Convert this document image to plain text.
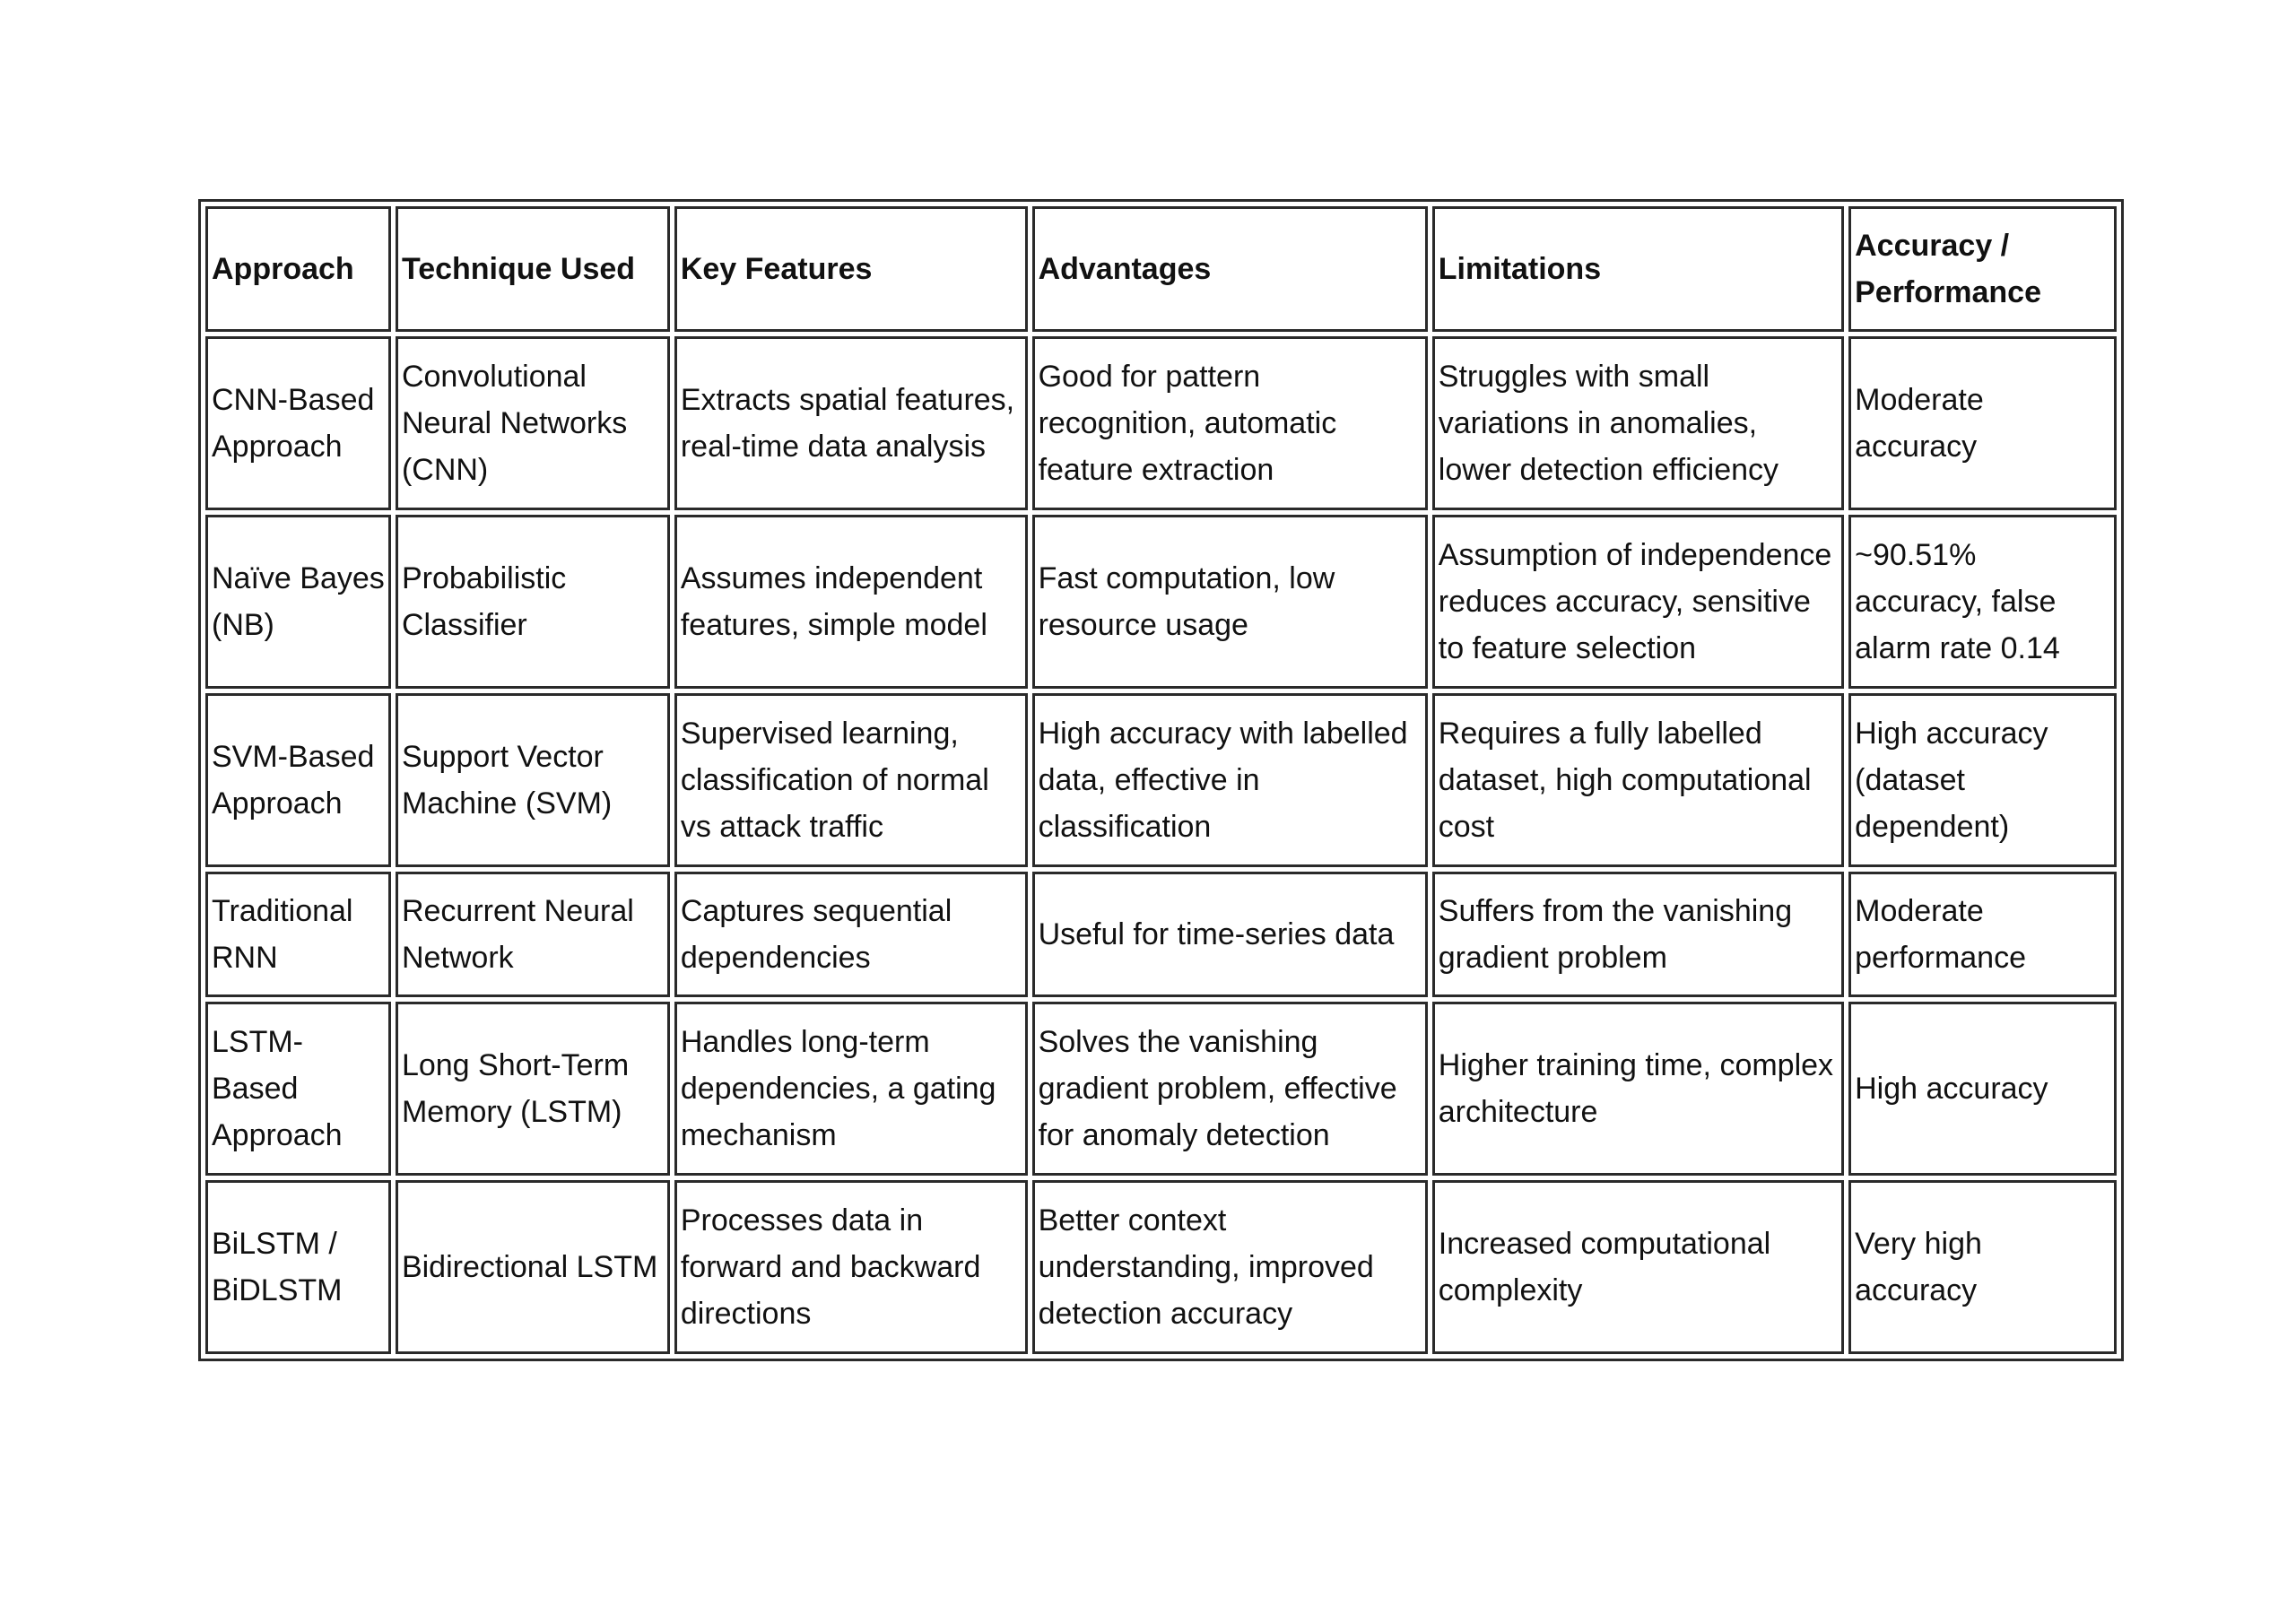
Approach	Technique Used	Key Features	Advantages	Limitations	Accuracy / Performance
CNN-Based Approach	Convolutional Neural Networks (CNN)	Extracts spatial features, real-time data analysis	Good for pattern recognition, automatic feature extraction	Struggles with small variations in anomalies, lower detection efficiency	Moderate accuracy
Naïve Bayes (NB)	Probabilistic Classifier	Assumes independent features, simple model	Fast computation, low resource usage	Assumption of independence reduces accuracy, sensitive to feature selection	~90.51% accuracy, false alarm rate 0.14
SVM-Based Approach	Support Vector Machine (SVM)	Supervised learning, classification of normal vs attack traffic	High accuracy with labelled data, effective in classification	Requires a fully labelled dataset, high computational cost	High accuracy (dataset dependent)
Traditional RNN	Recurrent Neural Network	Captures sequential dependencies	Useful for time-series data	Suffers from the vanishing gradient problem	Moderate performance
LSTM-Based Approach	Long Short-Term Memory (LSTM)	Handles long-term dependencies, a gating mechanism	Solves the vanishing gradient problem, effective for anomaly detection	Higher training time, complex architecture	High accuracy
BiLSTM / BiDLSTM	Bidirectional LSTM	Processes data in forward and backward directions	Better context understanding, improved detection accuracy	Increased computational complexity	Very high accuracy
